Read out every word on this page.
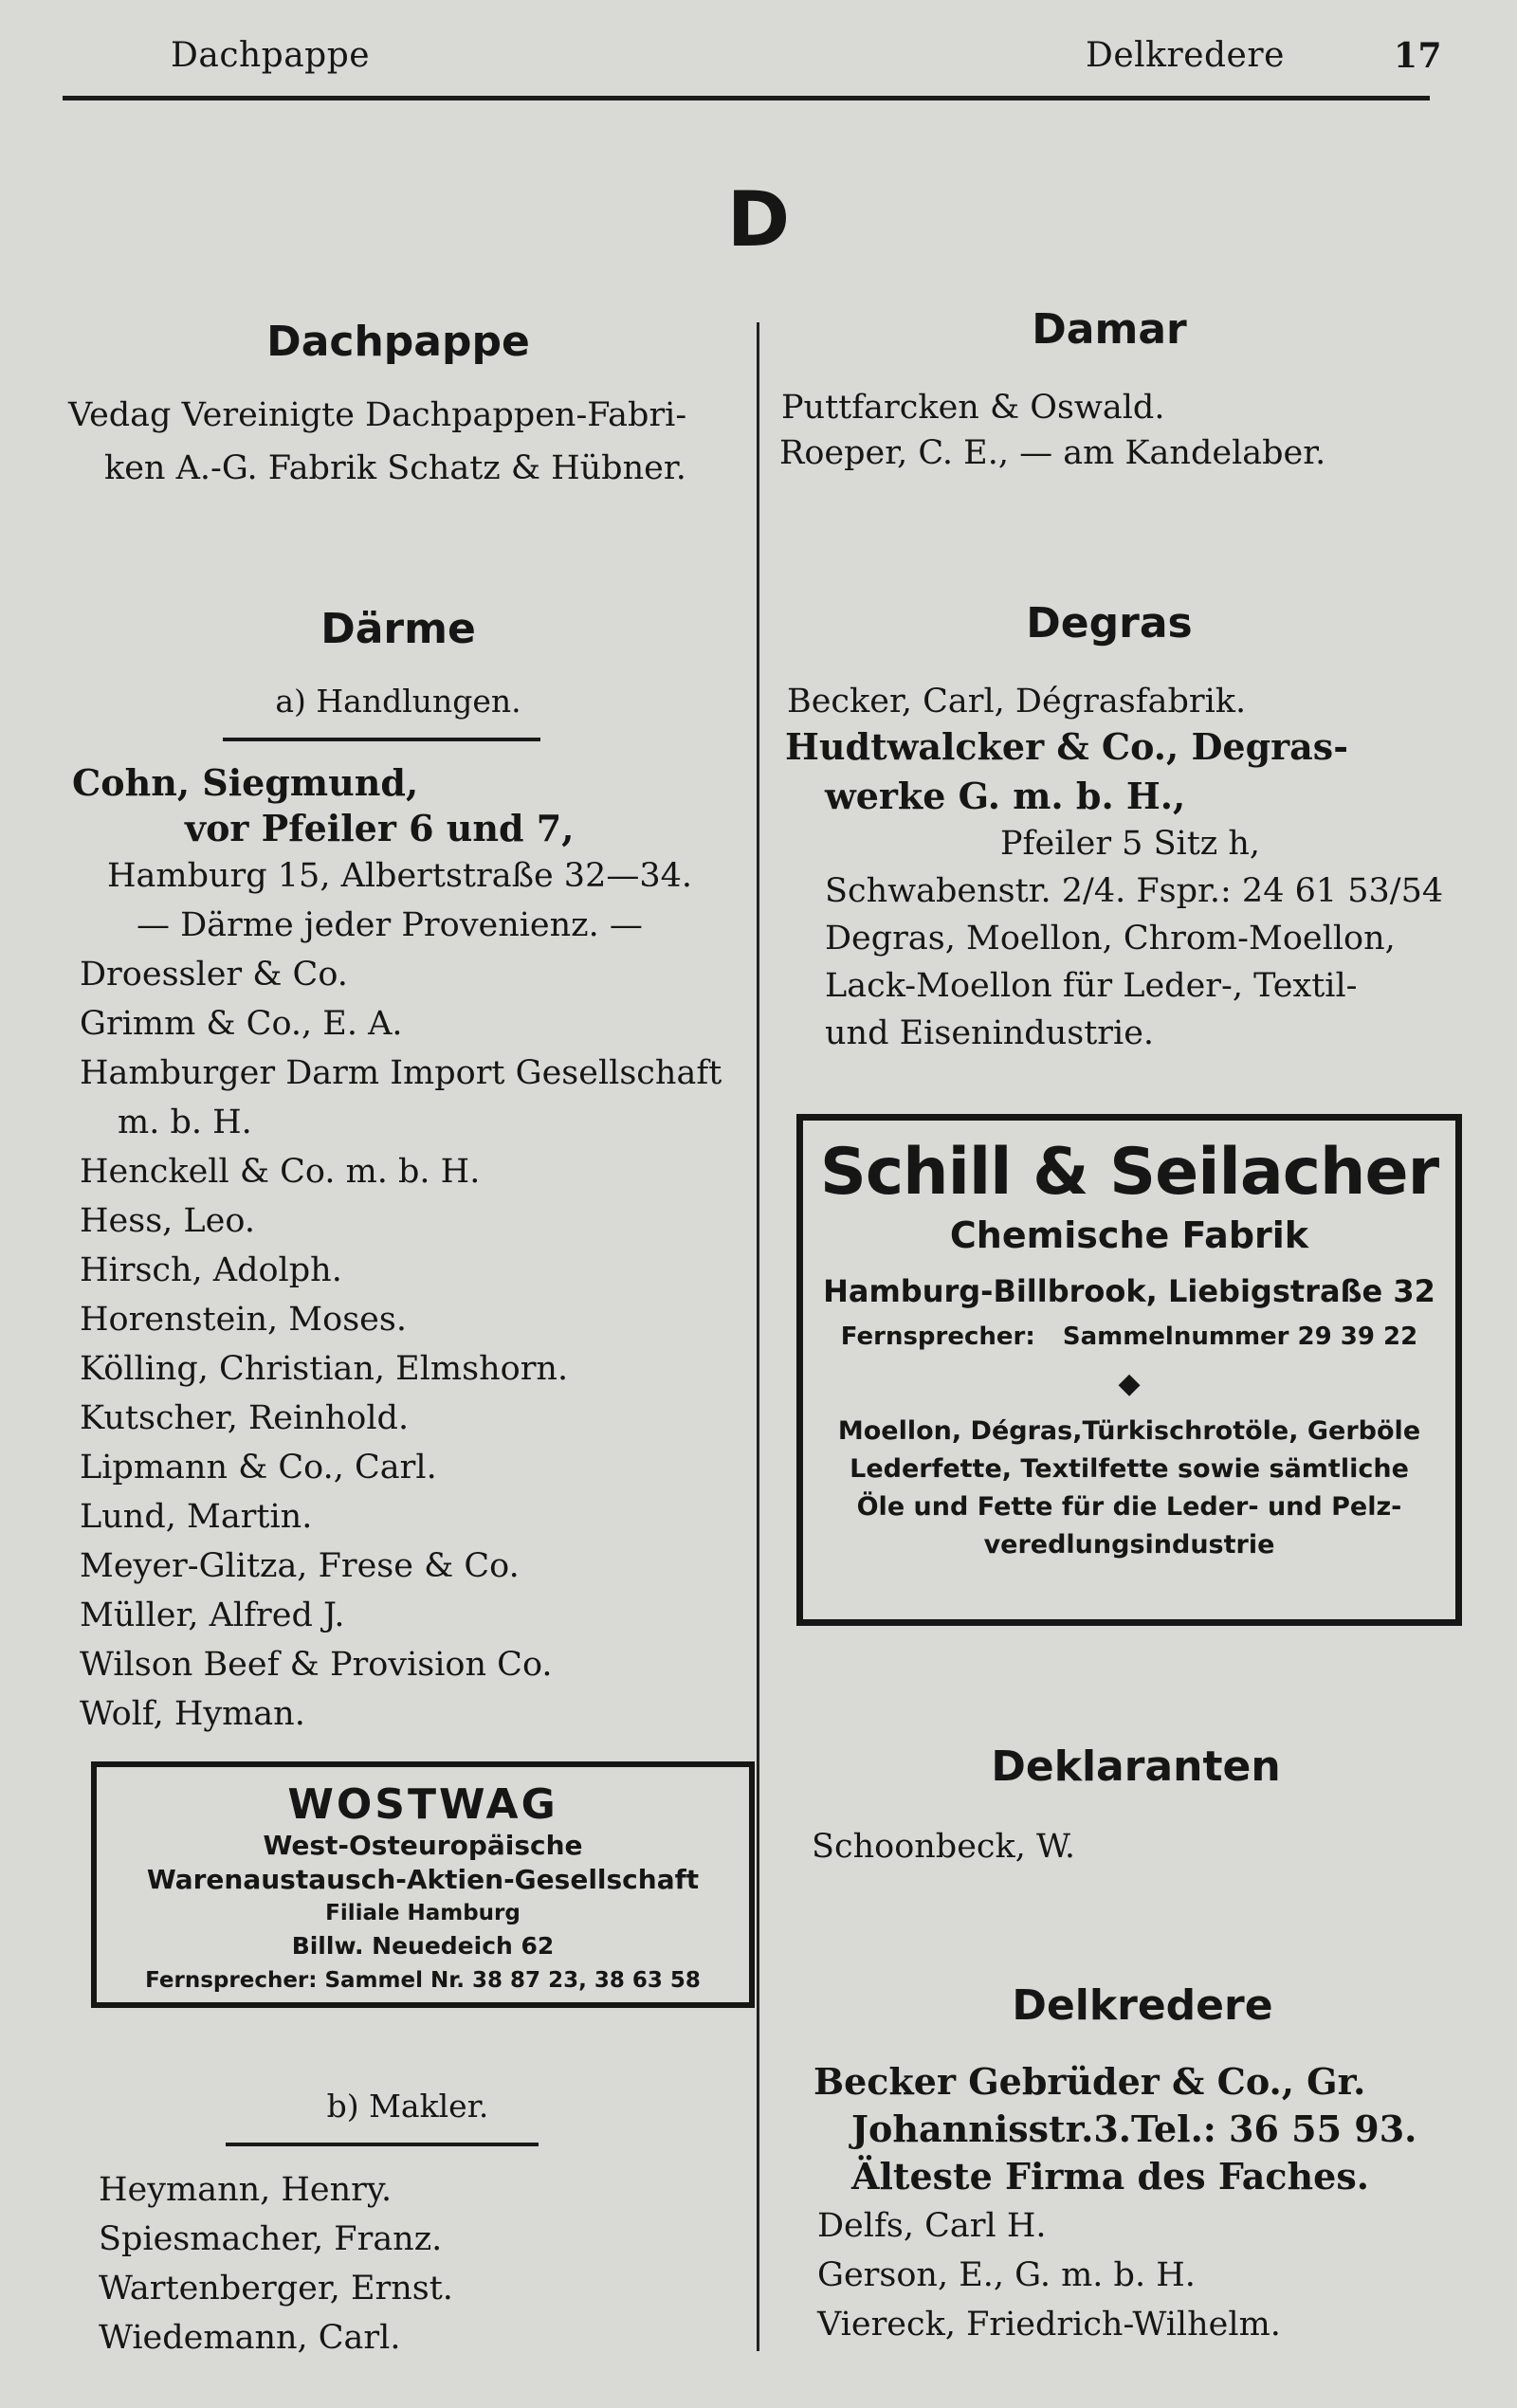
Dachpappe	Delkredere	17
D
Dachpappe
Vedag Vereinigte Dachpappen-Fabri-
ken A.-G. Fabrik Schatz & Hübner.
Därme
a) Handlungen.
Cohn, Siegmund,
vor Pfeiler 6 und 7,
Hamburg 15, Albertstraße 32—34.
— Därme jeder Provenienz. —
Droessler & Co.
Grimm & Co., E. A.
Hamburger Darm Import Gesellschaft
m. b. H.
Henckell & Co. m. b. H.
Hess, Leo.
Hirsch, Adolph.
Horenstein, Moses.
Kölling, Christian, Elmshorn.
Kutscher, Reinhold.
Lipmann & Co., Carl.
Lund, Martin.
Meyer-Glitza, Frese & Co.
Müller, Alfred J.
Wilson Beef & Provision Co.
Wolf, Hyman.
WOSTWAG
West-Osteuropäische
Warenaustausch-Aktien-Gesellschaft
Filiale Hamburg
Billw. Neuedeich 62
Fernsprecher: Sammel Nr. 38 87 23, 38 63 58
b) Makler.
Heymann, Henry.
Spiesmacher, Franz.
Wartenberger, Ernst.
Wiedemann, Carl.
Damar
Puttfarcken & Oswald.
Roeper, C. E., — am Kandelaber.
Degras
Becker, Carl, Dégrasfabrik.
Hudtwalcker & Co., Degras-
werke G. m. b. H.,
Pfeiler 5 Sitz h,
Schwabenstr. 2/4. Fspr.: 24 61 53/54
Degras, Moellon, Chrom-Moellon,
Lack-Moellon für Leder-, Textil-
und Eisenindustrie.
Schill & Seilacher
Chemische Fabrik
Hamburg-Billbrook, Liebigstraße 32
Fernsprecher: Sammelnummer 29 39 22
◆
Moellon, Dégras,Türkischrotöle, Gerböle
Lederfette, Textilfette sowie sämtliche
Öle und Fette für die Leder- und Pelz-
veredlungsindustrie
Deklaranten
Schoonbeck, W.
Delkredere
Becker Gebrüder & Co., Gr.
Johannisstr.3.Tel.: 36 55 93.
Älteste Firma des Faches.
Delfs, Carl H.
Gerson, E., G. m. b. H.
Viereck, Friedrich-Wilhelm.
